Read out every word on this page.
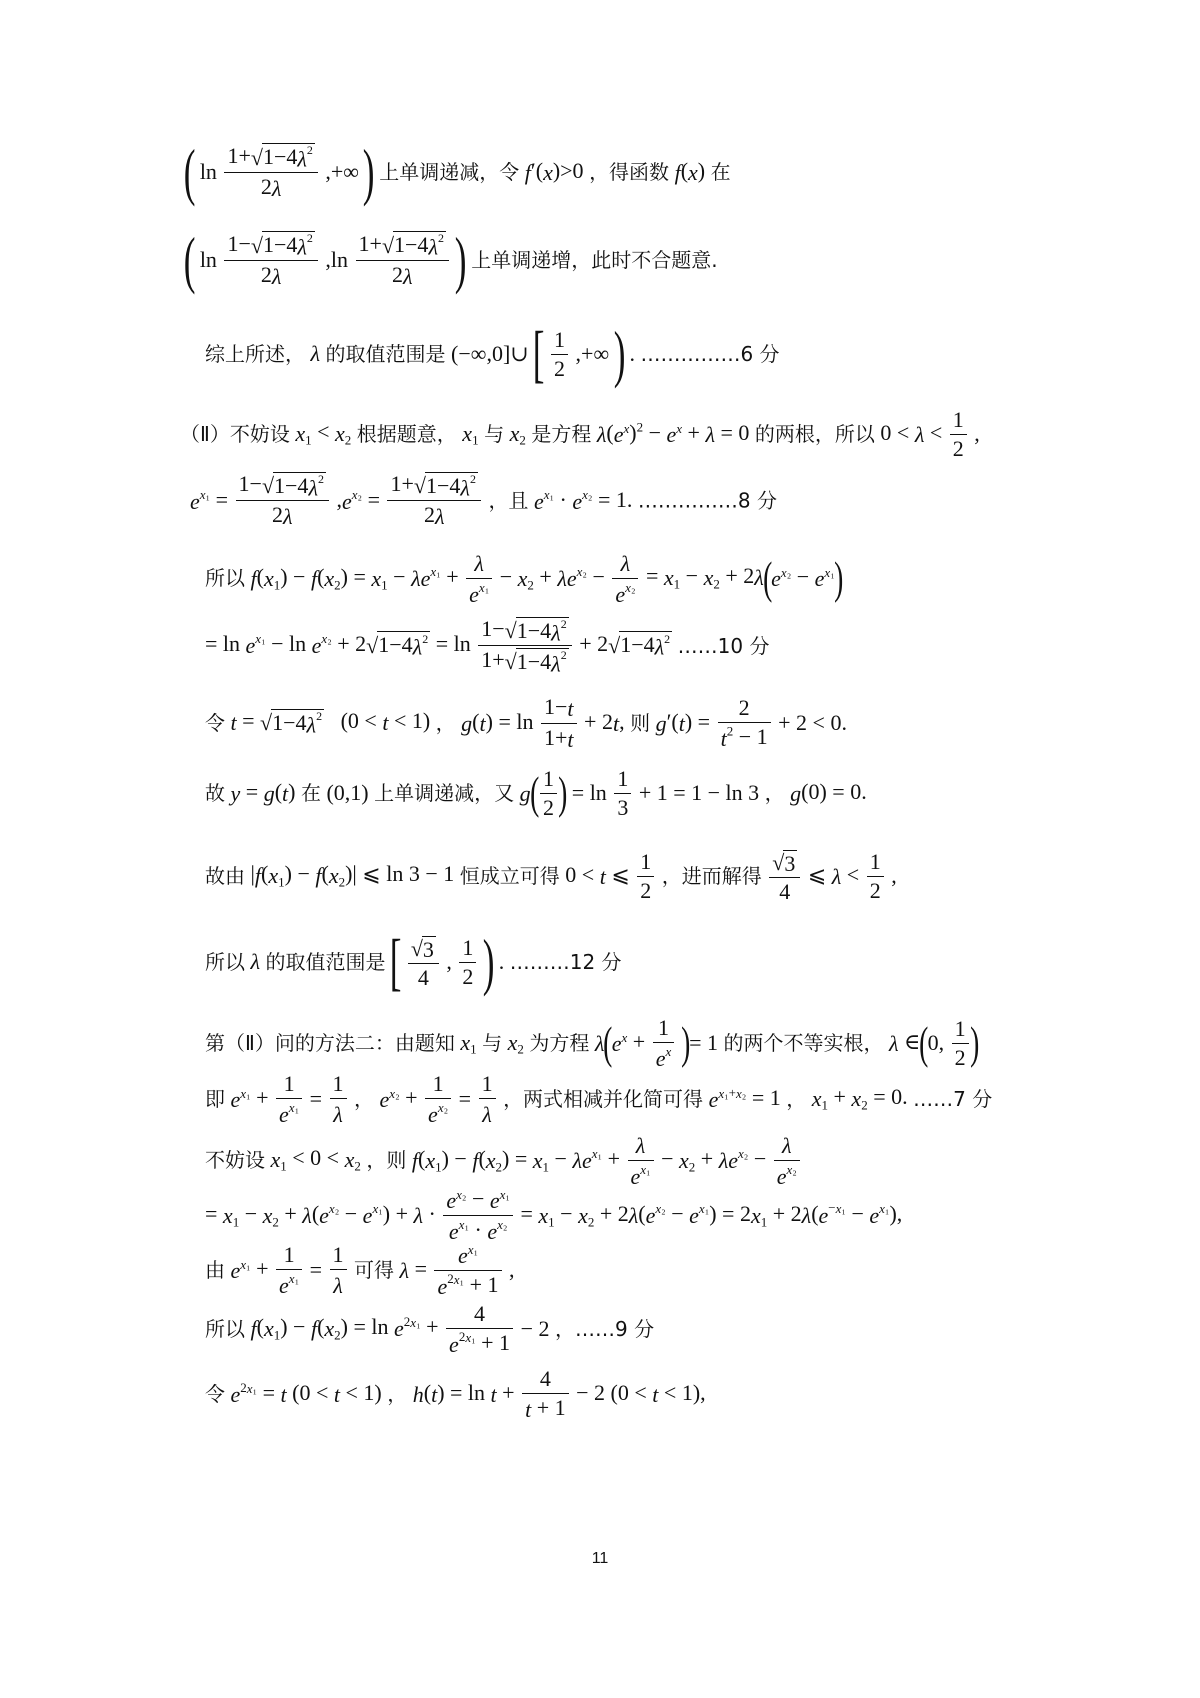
( $\ln \frac{1+√1-4\lambda^2}{2\lambda}$ ,+∞ ) 上单调递减，令 f′(x)>0 ，得函数 f(x) 在
( $\ln \frac{1-√1-4\lambda^2}{2\lambda} ,\ln \frac{1+√1-4\lambda^2}{2\lambda}$ ) 上单调递增，此时不合题意.
综上所述， λ 的取值范围是 (−∞,0]∪ [ $\frac{1}{2}$ ,+∞ ) . ……………6 分
（Ⅱ）不妨设 $x_1 < x_2$ 根据题意， $x_1$ 与 $x_2$ 是方程 $\lambda(e^x)^2 - e^x + \lambda = 0$ 的两根，所以 $0 < \lambda < \frac{1}{2}$ ,
$e^{x_1} = \frac{1-√1-4\lambda^2}{2\lambda} ,e^{x_2} = \frac{1+√1-4\lambda^2}{2\lambda}$ ，且 $e^{x_1} \cdot e^{x_2} = 1$. ……………8 分
所以 $f(x_1) - f(x_2) = x_1 - \lambda e^{x_1} + \frac{\lambda}{e^{x_1}} - x_2 + \lambda e^{x_2} - \frac{\lambda}{e^{x_2}} = x_1 - x_2 + 2\lambda(e^{x_2} - e^{x_1})$
= $\ln e^{x_1} - \ln e^{x_2} + 2√1-4\lambda^2 = \ln \frac{1-√1-4\lambda^2}{1+√1-4\lambda^2} + 2√1-4\lambda^2$ ……10 分
令 $t = √1-4\lambda^2$   (0 < t < 1) ， $g(t) = \ln \frac{1-t}{1+t} + 2t$, 则 $g'(t) = \frac{2}{t^2 - 1} + 2 < 0$.
故 y = g(t) 在 (0,1) 上单调递减，又 $g( \frac{1}{2}$ ) = $\ln \frac{1}{3} + 1 = 1 - \ln 3$ ， g(0) = 0.
故由 $|f(x_1) - f(x_2)|$ ⩽ ln 3 − 1 恒成立可得 0 < t ⩽ $\frac{1}{2}$ ，进而解得 $\frac{√3}{4}$ ⩽ $\lambda < \frac{1}{2}$ ,
所以 λ 的取值范围是 [ $\frac{√3}{4}$ , $\frac{1}{2}$ ) . ………12 分
第（Ⅱ）问的方法二：由题知 $x_1$ 与 $x_2$ 为方程 $\lambda(e^x + \frac{1}{e^x}$ )= 1 的两个不等实根， λ ∈(0, $\frac{1}{2}$ )
即 $e^{x_1} + \frac{1}{e^{x_1}} = \frac{1}{\lambda}$ ， $e^{x_2} + \frac{1}{e^{x_2}} = \frac{1}{\lambda}$ ，两式相减并化简可得 $e^{x_1+x_2} = 1$ ， $x_1 + x_2 = 0$. ……7 分
不妨设 $x_1 < 0 < x_2$ ，则 $f(x_1) - f(x_2) = x_1 - \lambda e^{x_1} + \frac{\lambda}{e^{x_1}} - x_2 + \lambda e^{x_2} - \frac{\lambda}{e^{x_2}}$
= $x_1 - x_2 + \lambda(e^{x_2} - e^{x_1}) + \lambda \cdot \frac{e^{x_2} - e^{x_1}}{e^{x_1} \cdot e^{x_2}} = x_1 - x_2 + 2\lambda(e^{x_2} - e^{x_1}) = 2x_1 + 2\lambda(e^{-x_1} - e^{x_1})$,
由 $e^{x_1} + \frac{1}{e^{x_1}} = \frac{1}{\lambda}$ 可得 $\lambda = \frac{e^{x_1}}{e^{2x_1} + 1}$ ,
所以 $f(x_1) - f(x_2) = \ln e^{2x_1} + \frac{4}{e^{2x_1} + 1} - 2$ ，……9 分
令 $e^{2x_1} = t$ (0 < t < 1) ， $h(t) = \ln t + \frac{4}{t + 1} - 2$ (0 < t < 1),
11
